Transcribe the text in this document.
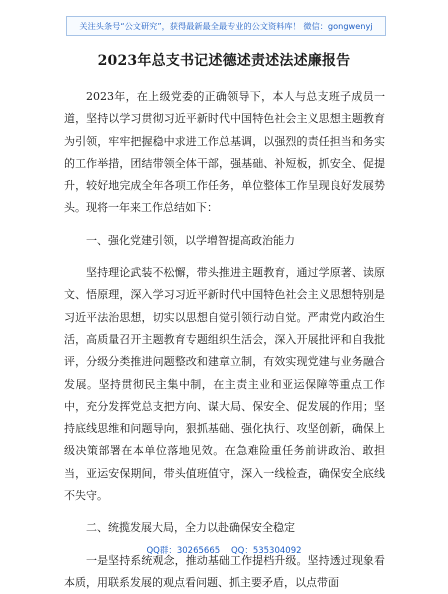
关注头条号“公文研究”，获得最新最全最专业的公文资料库！ 微信：gongwenyj
2023年总支书记述德述责述法述廉报告

2023年，在上级党委的正确领导下，本人与总支班子成员一道，坚持以学习贯彻习近平新时代中国特色社会主义思想主题教育为引领，牢牢把握稳中求进工作总基调，以强烈的责任担当和务实的工作举措，团结带领全体干部，强基础、补短板，抓安全、促提升，较好地完成全年各项工作任务，单位整体工作呈现良好发展势头。现将一年来工作总结如下：

一、强化党建引领，以学增智提高政治能力

坚持理论武装不松懈，带头推进主题教育，通过学原著、读原文、悟原理，深入学习习近平新时代中国特色社会主义思想特别是习近平法治思想，切实以思想自觉引领行动自觉。严肃党内政治生活，高质量召开主题教育专题组织生活会，深入开展批评和自我批评，分级分类推进问题整改和建章立制，有效实现党建与业务融合发展。坚持贯彻民主集中制，在主责主业和亚运保障等重点工作中，充分发挥党总支把方向、谋大局、保安全、促发展的作用；坚持底线思维和问题导向，狠抓基础、强化执行、攻坚创新，确保上级决策部署在本单位落地见效。在急难险重任务前讲政治、敢担当，亚运安保期间，带头值班值守，深入一线检查，确保安全底线不失守。

二、统揽发展大局，全力以赴确保安全稳定

一是坚持系统观念，推动基础工作提档升级。坚持透过现象看本质，用联系发展的观点看问题、抓主要矛盾，以点带面

QQ群：30265665 QQ：535304092
